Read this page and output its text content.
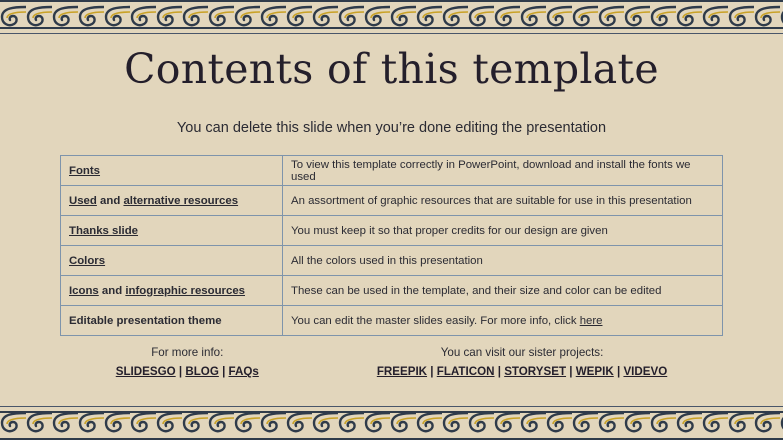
Contents of this template
You can delete this slide when you’re done editing the presentation
Fonts	To view this template correctly in PowerPoint, download and install the fonts we used
Used and alternative resources	An assortment of graphic resources that are suitable for use in this presentation
Thanks slide	You must keep it so that proper credits for our design are given
Colors	All the colors used in this presentation
Icons and infographic resources	These can be used in the template, and their size and color can be edited
Editable presentation theme	You can edit the master slides easily. For more info, click here
For more info:
SLIDESGO | BLOG | FAQs
You can visit our sister projects:
FREEPIK | FLATICON | STORYSET | WEPIK | VIDEVO
